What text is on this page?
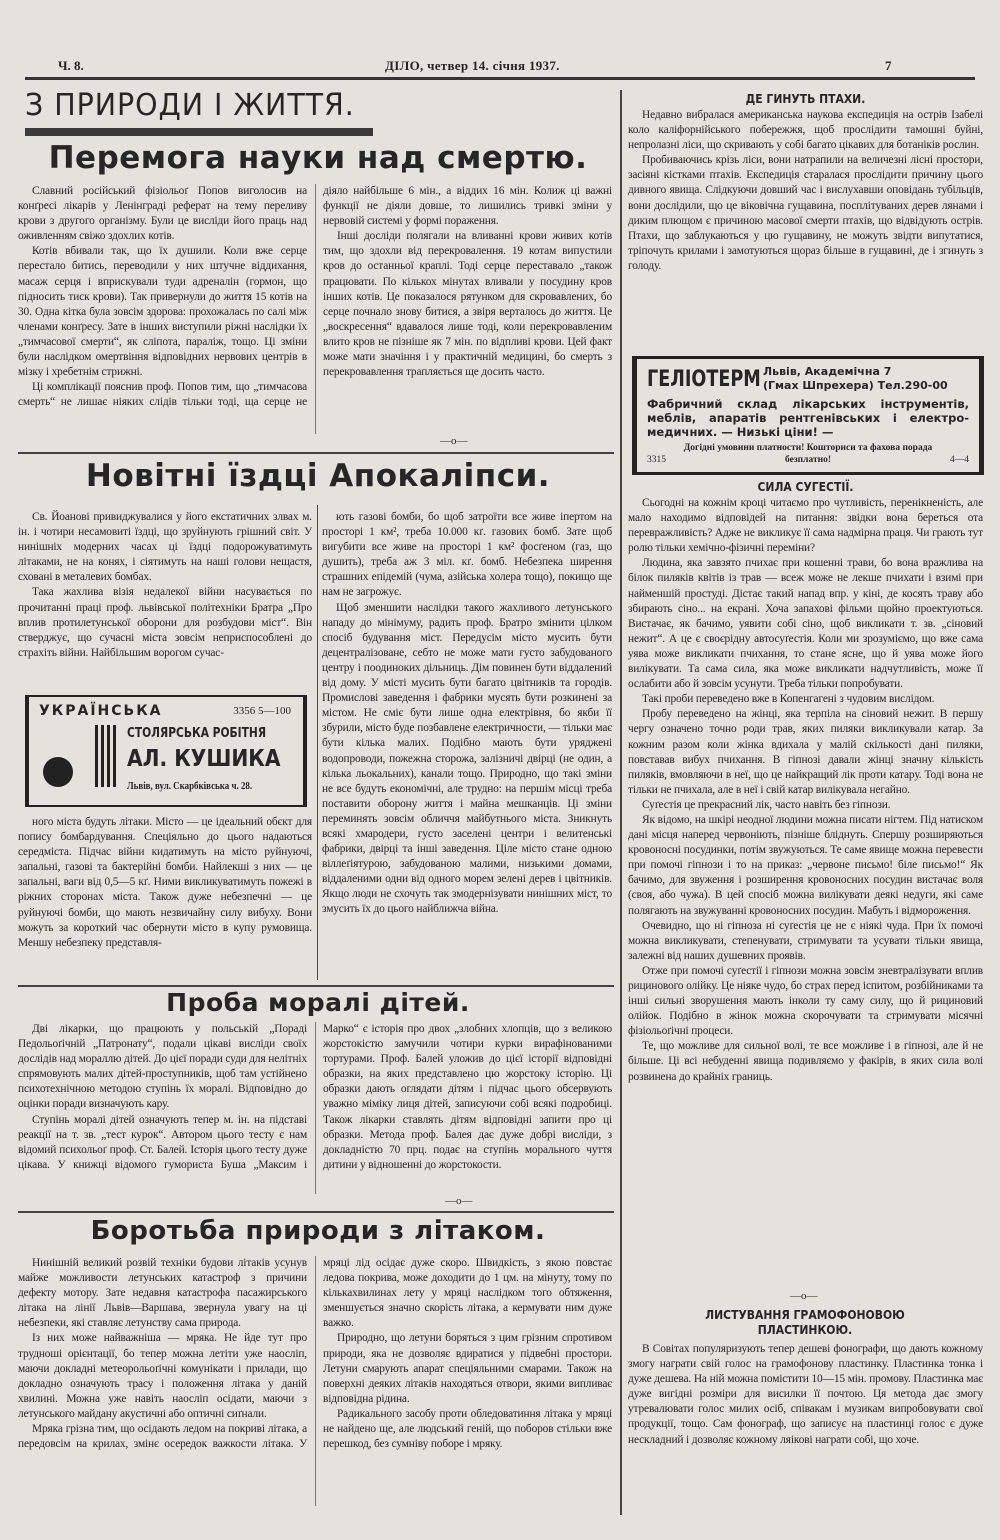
Ч. 8.	ДІЛО, четвер 14. січня 1937.	7
З ПРИРОДИ І ЖИТТЯ.
Перемога науки над смертю.

Славний російський фізіольоґ Попов виголосив на конґресі лікарів у Ленінграді реферат на тему переливу крови з другого організму. Були це висліди його праць над оживленням свіжо здохлих котів.

Котів вбивали так, що їх душили. Коли вже серце перестало битись, переводили у них штучне віддихання, масаж серця і вприскували туди адреналін (гормон, що підносить тиск крови). Так привернули до життя 15 котів на 30. Одна кітка була зовсім здорова: прохожалась по салі між членами конґресу. Зате в інших виступили ріжні наслідки їх „тимчасової смерти“, як сліпота, параліж, тощо. Ці зміни були наслідком омертвіння відповідних нервових центрів в мізку і хребетнім стрижні.

Ці комплікації пояснив проф. Попов тим, що „тимчасова смерть“ не лишає ніяких слідів тільки тоді, ща серце не діяло найбільше 6 мін., а віддих 16 мін. Колиж ці важні функції не діяли довше, то лишились тривкі зміни у нервовій системі у формі пораження.

Інші досліди полягали на вливанні крови живих котів тим, що здохли від перекровалення. 19 котам випустили кров до останньої краплі. Тоді серце переставало „також працювати. По кількох мінутах вливали у посудину кров інших котів. Це показалося рятунком для скровавлених, бо серце почнало знову битися, а звіря верталось до життя. Це „воскресення“ вдавалося лише тоді, коли перекровавленим влито кров не пізніше як 7 мін. по відпливі крови. Цей факт може мати значіння і у практичній медицині, бо смерть з перекровавлення трапляється ще досить часто.

—о—
Новітні їздці Апокаліпси.

Св. Йоанові привиджувалися у його екстатичних злвах м. ін. і чотири несамовиті їздці, що зруйнують грішний світ. У нинішніх модерних часах ці їздці подорожуватимуть літаками, не на конях, і сіятимуть на наші голови нещастя, сховані в металевих бомбах.

Така жахлива візія недалекої війни насувається по прочитанні праці проф. львівської політехніки Братра „Про вплив протилетунської оборони для розбудови міст“. Він стверджує, що сучасні міста зовсім неприспособлені до страхіть війни. Найбільшим ворогом сучас-

УКРАЇНСЬКА	3356 5—100
СТОЛЯРСЬКА РОБІТНЯ
АЛ. КУШИКА
Львів, вул. Скарбківська ч. 28.

ного міста будуть літаки. Місто — це ідеальний обєкт для попису бомбардування. Спеціяльно до цього надаються середміста. Підчас війни кидатимуть на місто руйнуючі, запальні, газові та бактерійні бомби. Найлекші з них — це запальні, ваги від 0,5—5 кґ. Ними викликуватимуть пожежі в ріжних сторонах міста. Також дуже небезпечні — це руйнуючі бомби, що мають незвичайну силу вибуху. Вони можуть за короткий час обернути місто в купу румовища. Меншу небезпеку представля-

ють газові бомби, бо щоб затроїти все живе іпертом на просторі 1 км², треба 10.000 кґ. газових бомб. Зате щоб вигубити все живе на просторі 1 км² фосґеном (газ, що душить), треба аж 3 міл. кґ. бомб. Небезпека ширення страшних епідемій (чума, азійська холера тощо), покищо ще нам не загрожує.

Щоб зменшити наслідки такого жахливого летунського нападу до мінімуму, радить проф. Братро змінити цілком спосіб будування міст. Передусім місто мусить бути децентралізоване, себто не може мати густо забудованого центру і поодиноких дільниць. Дім повинен бути віддалений від дому. У місті мусить бути багато цвітників та городів. Промислові заведення і фабрики мусять бути розкинені за містом. Не сміє бути лише одна електрівня, бо якби її збурили, місто буде позбавлене електричности, — тільки має бути кілька малих. Подібно мають бути уряджені водопроводи, пожежна сторожа, залізничі двірці (не один, а кілька льокальних), канали тощо. Природно, що такі зміни не все будуть економічні, але трудно: на першім місці треба поставити оборону життя і майна мешканців. Ці зміни переминять зовсім обличчя майбутнього міста. Зникнуть всякі хмародери, густо заселені центри і велитенські фабрики, двірці та інші заведення. Ціле місто стане одною віллеґіятурою, забудованою малими, низькими домами, віддаленими одни від одного морем зелені дерев і цвітників. Якщо люди не схочуть так змодернізувати нинішних міст, то змусить їх до цього найближча війна.

Проба моралі дітей.

Дві лікарки, що працюють у польській „Пораді Педольоґічній „Патронату“, подали цікаві висліди своїх дослідів над мораллю дітей. До цієї поради суди для нелітніх спрямовують малих дітей-проступників, щоб там устійнено психотехнічною методою ступінь їх моралі. Відповідно до оцінки поради визначують кару.

Ступінь моралі дітей означують тепер м. ін. на підставі реакції на т. зв. „тест курок“. Автором цього тесту є нам відомий психольоґ проф. Ст. Балей. Історія цього тесту дуже цікава. У книжці відомого гумориста Буша „Максим і Марко“ є історія про двох „злобних хлопців, що з великою жорстокістю замучили чотири курки вирафінованими тортурами. Проф. Балей уложив до цієї історії відповідні образки, на яких представлено цю жорстоку історію. Ці образки дають оглядати дітям і підчас цього обсервують уважно міміку лиця дітей, записуючи собі всякі подробиці. Також лікарки ставлять дітям відповідні запити про ці образки. Метода проф. Балея дає дуже добрі висліди, з докладністю 70 прц. подає на ступінь морального чуття дитини у відношенні до жорстокости.

—о—
Боротьба природи з літаком.

Нинішній великий розвій техніки будови літаків усунув майже можливости летунських катастроф з причини дефекту мотору. Зате недавня катастрофа пасажирського літака на лінії Львів—Варшава, звернула увагу на ці небезпеки, які ставляє летунству сама природа.

Із них може найважніша — мряка. Не йде тут про трудноші орієнтації, бо тепер можна летіти уже наосліп, маючи докладні метеорольоґічні комунікати і прилади, що докладно означують трасу і положення літака у даній хвилині. Можна уже навіть наосліп осідати, маючи з летунського майдану акустичні або оптичні сиґнали.

Мряка грізна тим, що осідають ледом на покриві літака, а передовсім на крилах, змінє осередок важкости літака. У мряці лід осідає дуже скоро. Швидкість, з якою повстає ледова покрива, може доходити до 1 цм. на мінуту, тому по кількахвилинах лету у мряці наслідком того обтяження, зменшується значно скорість літака, а кермувати ним дуже важко.

Природно, що летуни боряться з цим грізним спротивом природи, яка не дозволяє вдиратися у підвебні простори. Летуни смарують апарат спеціяльними смарами. Також на поверхні деяких літаків находяться отвори, якими випливає відповідна рідина.

Радикального засобу проти обледоватиння літака у мряці не найдено ще, але людський геній, що поборов стільки вже перешкод, без сумніву поборе і мряку.

ДЕ ГИНУТЬ ПТАХИ.

Недавно вибралася американська наукова експедиція на острів Ізабелі коло каліфорнійського побережжя, щоб прослідити тамошні буйні, непролазні ліси, що скривають у собі багато цікавих для ботаніків рослин.

Пробиваючись крізь ліси, вони натрапили на величезні лісні простори, засіяні кістками птахів. Експедиція старалася прослідити причину цього дивного явища. Слідкуючи довший час і вислухавши оповідань тубільців, вони дослідили, що це віковічна гущавина, посплітуваних дерев лянами і диким плющом є причиною масової смерти птахів, що відвідують острів. Птахи, що заблукаються у цю гущавину, не можуть звідти випутатися, тріпочуть крилами і замотуються щораз більше в гущавині, де і згинуть з голоду.

ГЕЛІОТЕРМ Львів, Академічна 7
(Гмах Шпрехера) Тел.290-00
Фабричний склад лікарських інструментів, меблів, апаратів рентгенівських і електро-медичних. — Низькі ціни! —
3315
Догідні умовини платности! Кошториси та фахова порада безплатно!	4—4
СИЛА СУГЕСТІЇ.

Сьогодні на кожнім кроці читаємо про чутливість, перенікненість, але мало находимо відповідей на питання: звідки вона береться ота перевражливість? Адже не викликує її сама надмірна праця. Чи грають тут ролю тільки хемічно-фізичні переміни?

Людина, яка завзято пчихає при кошенні трави, бо вона вражлива на білок пиляків квітів із трав — всеж може не лекше пчихати і взимі при найменшій простуді. Дістає такий напад впр. у кіні, де косять траву або збирають сіно... на екрані. Хоча запахові фільми щойно проектуються. Вистачає, як бачимо, уявити собі сіно, щоб викликати т. зв. „сіновий нежит“. А це є своєрідну автосуґестія. Коли ми зрозуміємо, що вже сама уява може викликати пчихання, то стане ясне, що й уява може його вилікувати. Та сама сила, яка може викликати надчутливість, може її ослабити або й зовсім усунути. Треба тільки попробувати.

Такі проби переведено вже в Копенгагені з чудовим вислідом.

Пробу переведено на жінці, яка терпіла на сіновий нежит. В першу чергу означено точно роди трав, яких пиляки викликували катар. За кожним разом коли жінка вдихала у малій скількості дані пиляки, повставав вибух пчихання. В гіпнозі давали жінці значну кількість пиляків, вмовляючи в неї, що це найкращий лік проти катару. Тоді вона не тільки не пчихала, але в неї і свій катар вилікувала негайно.

Суґестія це прекрасний лік, часто навіть без гіпнози.

Як відомо, на шкірі неодної людини можна писати нігтем. Під натиском дані місця наперед червоніють, пізніше бліднуть. Спершу розширяються кровоносні посудинки, потім звужуються. Те саме явище можна перевести при помочі гіпнози і то на приказ: „червоне письмо! біле письмо!“ Як бачимо, для звуження і розширення кровоносних посудин вистачає воля (своя, або чужа). В цей спосіб можна вилікувати деякі недуги, які саме полягають на звужуванні кровоносних посудин. Мабуть і відмороження.

Очевидно, що ні гіпноза ні суґестія це не є ніякі чуда. При їх помочі можна викликувати, степенувати, стримувати та усувати тільки явища, залежні від наших душевних проявів.

Отже при помочі суґестії і гіпнози можна зовсім зневтралізувати вплив рицинового олійку. Це ніяке чудо, бо страх перед іспитом, розбійниками та інші сильні зворушення мають інколи ту саму силу, що й рициновий олійок. Подібно в жінок можна скорочувати та стримувати місячні фізіольоґічні процеси.

Те, що можливе для сильної волі, те все можливе і в гіпнозі, але й не більше. Ці всі небуденні явища подивляємо у факірів, в яких сила волі розвинена до крайніх границь.

—о—
ЛИСТУВАННЯ ГРАМОФОНОВОЮ ПЛАСТИНКОЮ.

В Совітах популяризують тепер дешеві фонографи, що дають кожному змогу награти свій голос на грамофонову пластинку. Пластинка тонка і дуже дешева. На ній можна помістити 10—15 мін. промову. Пластинка має дуже вигідні розміри для висилки її почтою. Ця метода дає змогу утревалювати голос милих осіб, співакам і музикам випробовувати свої продукції, тощо. Сам фонограф, що записує на пластинці голос є дуже нескладний і дозволяє кожному ляікові награти собі, що хоче.
